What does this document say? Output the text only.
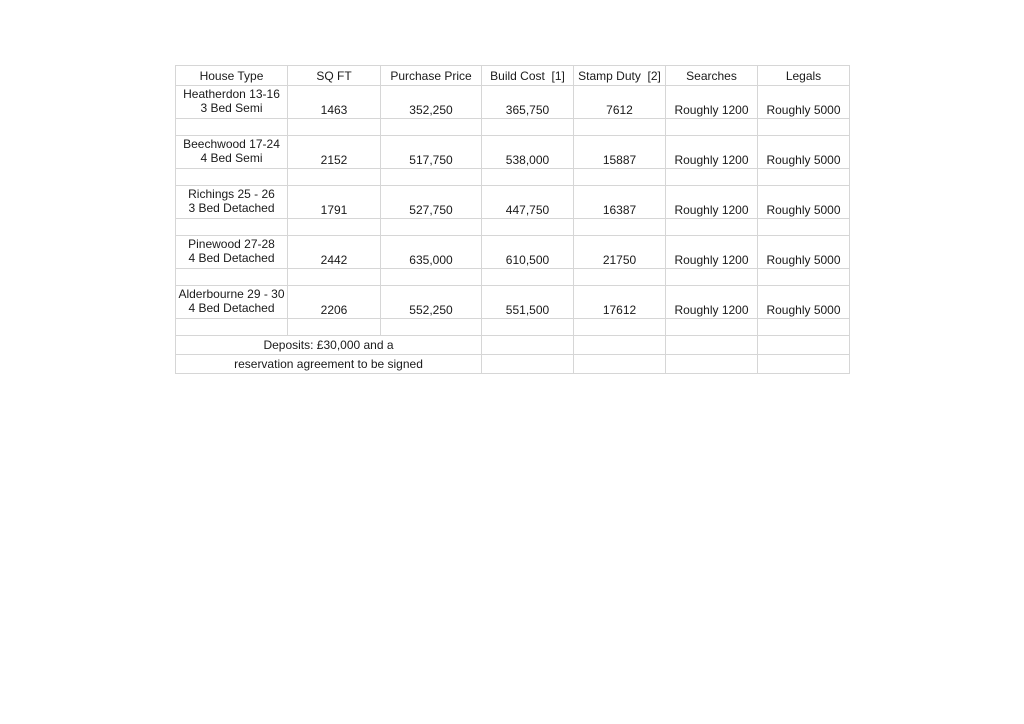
House Type	SQ FT	Purchase Price	Build Cost  [1]	Stamp Duty  [2]	Searches	Legals

Heatherdon 13-16
3 Bed Semi	1463	352,250	365,750	7612	Roughly 1200	Roughly 5000

Beechwood 17-24
4 Bed Semi	2152	517,750	538,000	15887	Roughly 1200	Roughly 5000

Richings 25 - 26
3 Bed Detached	1791	527,750	447,750	16387	Roughly 1200	Roughly 5000

Pinewood 27-28
4 Bed Detached	2442	635,000	610,500	21750	Roughly 1200	Roughly 5000

Alderbourne 29 - 30
4 Bed Detached	2206	552,250	551,500	17612	Roughly 1200	Roughly 5000

Deposits: £30,000 and a						
reservation agreement to be signed						
